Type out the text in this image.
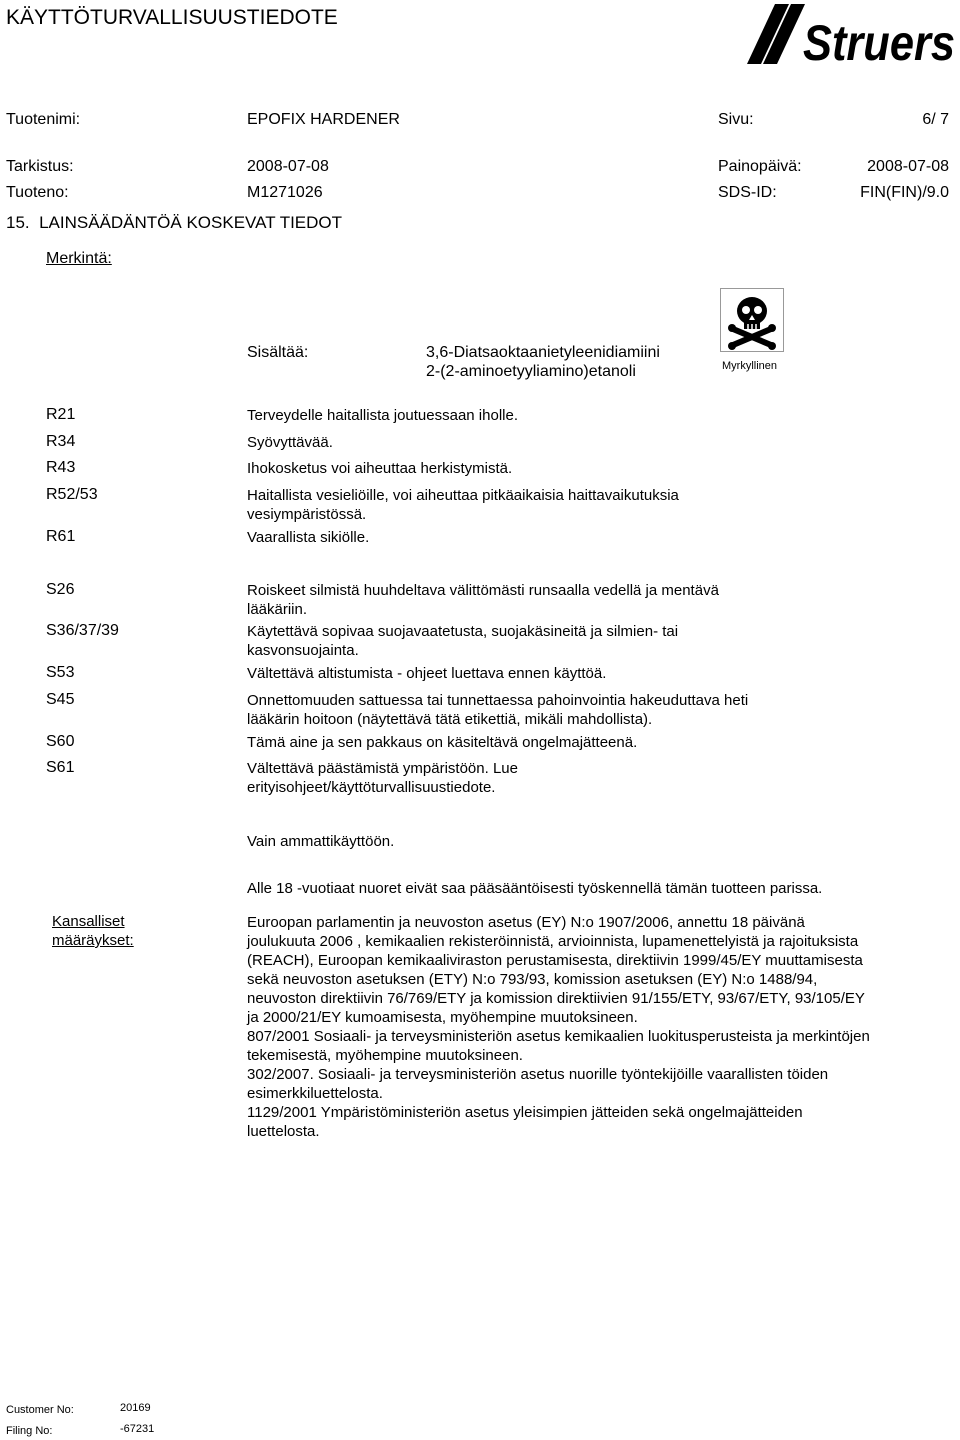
KÄYTTÖTURVALLISUUSTIEDOTE	Struers
Tuotenimi:	EPOFIX HARDENER	Sivu:	6/ 7
Tarkistus:	2008-07-08	Painopäivä:	2008-07-08
Tuoteno:	M1271026	SDS-ID:	FIN(FIN)/9.0
15. LAINSÄÄDÄNTÖÄ KOSKEVAT TIEDOT
Merkintä:
Myrkyllinen
Sisältää:	3,6-Diatsaoktaanietyleenidiamiini
2-(2-aminoetyyliamino)etanoli
R21	Terveydelle haitallista joutuessaan iholle.
R34	Syövyttävää.
R43	Ihokosketus voi aiheuttaa herkistymistä.
R52/53	Haitallista vesieliöille, voi aiheuttaa pitkäaikaisia haittavaikutuksia
vesiympäristössä.
R61	Vaarallista sikiölle.
S26	Roiskeet silmistä huuhdeltava välittömästi runsaalla vedellä ja mentävä
lääkäriin.
S36/37/39	Käytettävä sopivaa suojavaatetusta, suojakäsineitä ja silmien- tai
kasvonsuojainta.
S53	Vältettävä altistumista - ohjeet luettava ennen käyttöä.
S45	Onnettomuuden sattuessa tai tunnettaessa pahoinvointia hakeuduttava heti
lääkärin hoitoon (näytettävä tätä etikettiä, mikäli mahdollista).
S60	Tämä aine ja sen pakkaus on käsiteltävä ongelmajätteenä.
S61	Vältettävä päästämistä ympäristöön. Lue
erityisohjeet/käyttöturvallisuustiedote.
Vain ammattikäyttöön.
Alle 18 -vuotiaat nuoret eivät saa pääsääntöisesti työskennellä tämän tuotteen parissa.
Kansalliset
määräykset:
Euroopan parlamentin ja neuvoston asetus (EY) N:o 1907/2006, annettu 18 päivänä
joulukuuta 2006 , kemikaalien rekisteröinnistä, arvioinnista, lupamenettelyistä ja rajoituksista
(REACH), Euroopan kemikaaliviraston perustamisesta, direktiivin 1999/45/EY muuttamisesta
sekä neuvoston asetuksen (ETY) N:o 793/93, komission asetuksen (EY) N:o 1488/94,
neuvoston direktiivin 76/769/ETY ja komission direktiivien 91/155/ETY, 93/67/ETY, 93/105/EY
ja 2000/21/EY kumoamisesta, myöhempine muutoksineen.
807/2001 Sosiaali- ja terveysministeriön asetus kemikaalien luokitusperusteista ja merkintöjen
tekemisestä, myöhempine muutoksineen.
302/2007. Sosiaali- ja terveysministeriön asetus nuorille työntekijöille vaarallisten töiden
esimerkkiluettelosta.
1129/2001 Ympäristöministeriön asetus yleisimpien jätteiden sekä ongelmajätteiden
luettelosta.
Customer No:	20169
Filing No:	-67231
